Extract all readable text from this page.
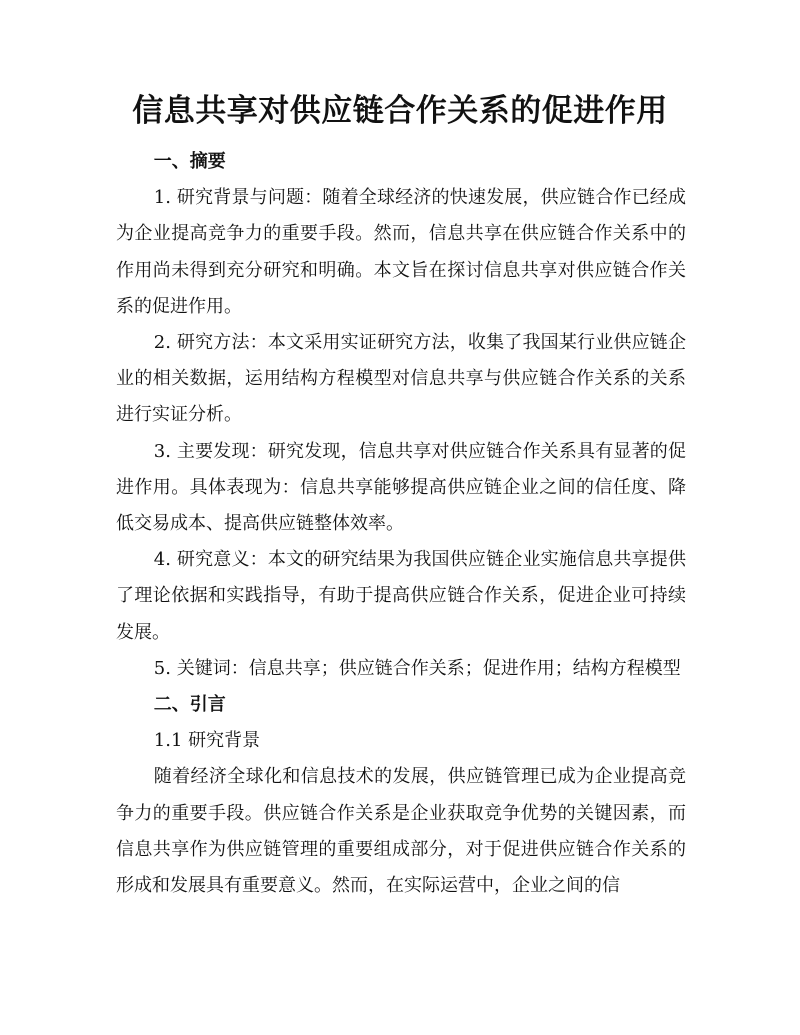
信息共享对供应链合作关系的促进作用
一、摘要

1. 研究背景与问题：随着全球经济的快速发展，供应链合作已经成为企业提高竞争力的重要手段。然而，信息共享在供应链合作关系中的作用尚未得到充分研究和明确。本文旨在探讨信息共享对供应链合作关系的促进作用。

2. 研究方法：本文采用实证研究方法，收集了我国某行业供应链企业的相关数据，运用结构方程模型对信息共享与供应链合作关系的关系进行实证分析。

3. 主要发现：研究发现，信息共享对供应链合作关系具有显著的促进作用。具体表现为：信息共享能够提高供应链企业之间的信任度、降低交易成本、提高供应链整体效率。

4. 研究意义：本文的研究结果为我国供应链企业实施信息共享提供了理论依据和实践指导，有助于提高供应链合作关系，促进企业可持续发展。

5. 关键词：信息共享；供应链合作关系；促进作用；结构方程模型

二、引言
1.1 研究背景

随着经济全球化和信息技术的发展，供应链管理已成为企业提高竞争力的重要手段。供应链合作关系是企业获取竞争优势的关键因素，而信息共享作为供应链管理的重要组成部分，对于促进供应链合作关系的形成和发展具有重要意义。然而，在实际运营中，企业之间的信
